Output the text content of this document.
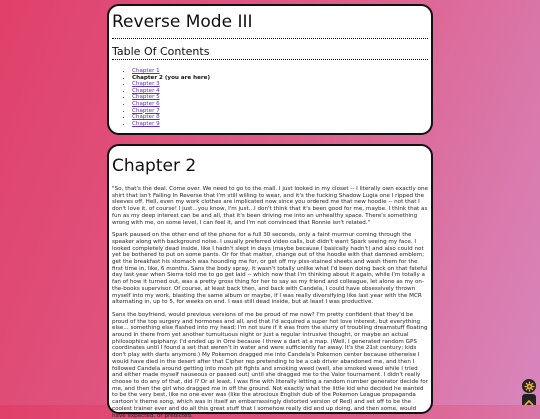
Reverse Mode III
Table Of Contents
• Chapter 1
• Chapter 2 (you are here)
• Chapter 3
• Chapter 4
• Chapter 5
• Chapter 6
• Chapter 7
• Chapter 8
• Chapter 9
Chapter 2

"So, that's the deal. Come over. We need to go to the mall. I just looked in my closet -- I literally own exactly one shirt that isn't Falling In Reverse that I'm still willing to wear, and it's the fucking Shadow Lugia one I ripped the sleeves off. Hell, even my work clothes are implicated now since you ordered me that new hoodie -- not that I don't love it, of course! I just...you know, I'm just...I don't think that it's been good for me, maybe. I think that as fun as my deep interest can be and all, that it's been driving me into an unhealthy space. There's something wrong with me, on some level, I can feel it, and I'm not convinced that Ronnie isn't related."

Spark paused on the other end of the phone for a full 30 seconds, only a faint murmur coming through the speaker along with background noise. I usually preferred video calls, but didn't want Spark seeing my face. I looked completely dead inside, like I hadn't slept in days (maybe because I basically hadn't) and also could not yet be bothered to put on some pants. Or for that matter, change out of the hoodie with that damned emblem; get the breakfast his stomach was hounding me for, or get off my piss-stained sheets and wash them for the first time in, like, 6 months. Sans the body spray, it wasn't totally unlike what I'd been doing back on that fateful day last year when Sierra told me to go get laid -- which now that I'm thinking about it again, while I'm totally a fan of how it turned out, was a pretty gross thing for her to say as my friend and colleague, let alone as my on-the-books supervisor. Of course, at least back then, and back with Candela, I could have obsessively thrown myself into my work, blasting the same album or maybe, if I was really diversifying like last year with the MCR alternating in, up to 5, for weeks on end. I was still dead inside, but at least I was productive.

Sans the boyfriend, would previous versions of me be proud of me now? I'm pretty confident that they'd be proud of the top surgery and hormones and all, and that I'd acquired a super hot love interest, but everything else... something else flashed into my head; I'm not sure if it was from the slurry of troubling dreamstuff floating around in there from yet another tumultuous night or just a regular intrusive thought, or maybe an actual philosophical epiphany: I'd ended up in Orre because I threw a dart at a map. (Well, I generated random GPS coordinates until I found a set that weren't in water and were sufficiently far away. It's the 21st century; kids don't play with darts anymore.) My Pokemon dragged me into Candela's Pokemon center because otherwise I would have died in the desert after that Cipher rep pretending to be a cab driver abandoned me, and then I followed Candela around getting into mosh pit fights and smoking weed (well, she smoked weed while I tried and either made myself nauseous or passed out) until she dragged me to the Valor tournament. I didn't really choose to do any of that, did I? Or at least, I was fine with literally letting a random number generator decide for me, and then the girl who dragged me in off the ground. Not exactly what the little kid who decided he wanted to be the very best, like no one ever was (like the atrocious English dub of the Pokemon League propaganda cartoon's theme song, which was in itself an embarrassingly distorted version of Red) and set off to be the coolest trainer ever and do all this great stuff that I somehow really did end up doing, and then some, would have expected, or predicted.
